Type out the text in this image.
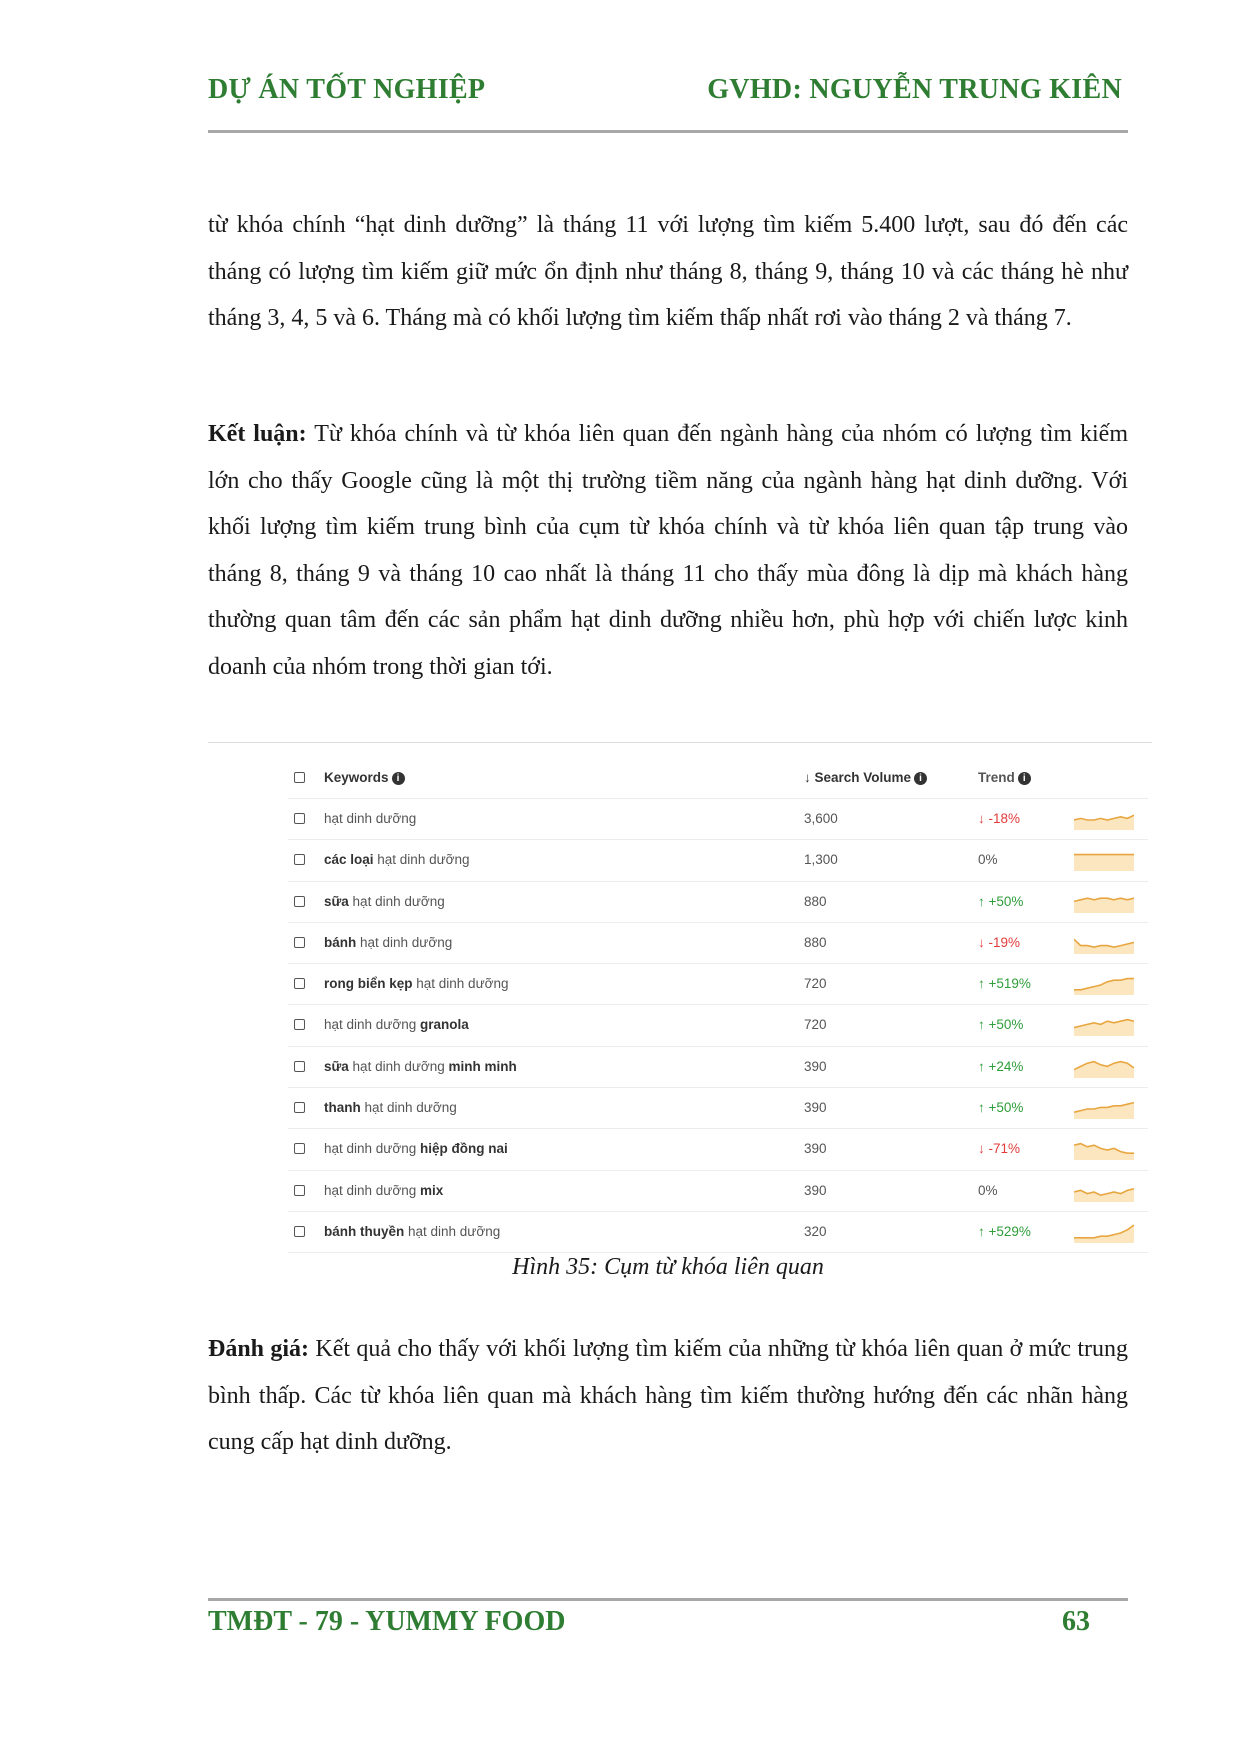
DỰ ÁN TỐT NGHIỆP	GVHD: NGUYỄN TRUNG KIÊN

từ khóa chính “hạt dinh dưỡng” là tháng 11 với lượng tìm kiếm 5.400 lượt, sau đó đến các tháng có lượng tìm kiếm giữ mức ổn định như tháng 8, tháng 9, tháng 10 và các tháng hè như tháng 3, 4, 5 và 6. Tháng mà có khối lượng tìm kiếm thấp nhất rơi vào tháng 2 và tháng 7.

Kết luận: Từ khóa chính và từ khóa liên quan đến ngành hàng của nhóm có lượng tìm kiếm lớn cho thấy Google cũng là một thị trường tiềm năng của ngành hàng hạt dinh dưỡng. Với khối lượng tìm kiếm trung bình của cụm từ khóa chính và từ khóa liên quan tập trung vào tháng 8, tháng 9 và tháng 10 cao nhất là tháng 11 cho thấy mùa đông là dịp mà khách hàng thường quan tâm đến các sản phẩm hạt dinh dưỡng nhiều hơn, phù hợp với chiến lược kinh doanh của nhóm trong thời gian tới.

Keywords i	↓ Search Volume i	Trend i
hạt dinh dưỡng	3,600	↓ -18%
các loại hạt dinh dưỡng	1,300	0%
sữa hạt dinh dưỡng	880	↑ +50%
bánh hạt dinh dưỡng	880	↓ -19%
rong biển kẹp hạt dinh dưỡng	720	↑ +519%
hạt dinh dưỡng granola	720	↑ +50%
sữa hạt dinh dưỡng minh minh	390	↑ +24%
thanh hạt dinh dưỡng	390	↑ +50%
hạt dinh dưỡng hiệp đồng nai	390	↓ -71%
hạt dinh dưỡng mix	390	0%
bánh thuyền hạt dinh dưỡng	320	↑ +529%
Hình 35: Cụm từ khóa liên quan

Đánh giá: Kết quả cho thấy với khối lượng tìm kiếm của những từ khóa liên quan ở mức trung bình thấp. Các từ khóa liên quan mà khách hàng tìm kiếm thường hướng đến các nhãn hàng cung cấp hạt dinh dưỡng.

TMĐT - 79 - YUMMY FOOD	63
